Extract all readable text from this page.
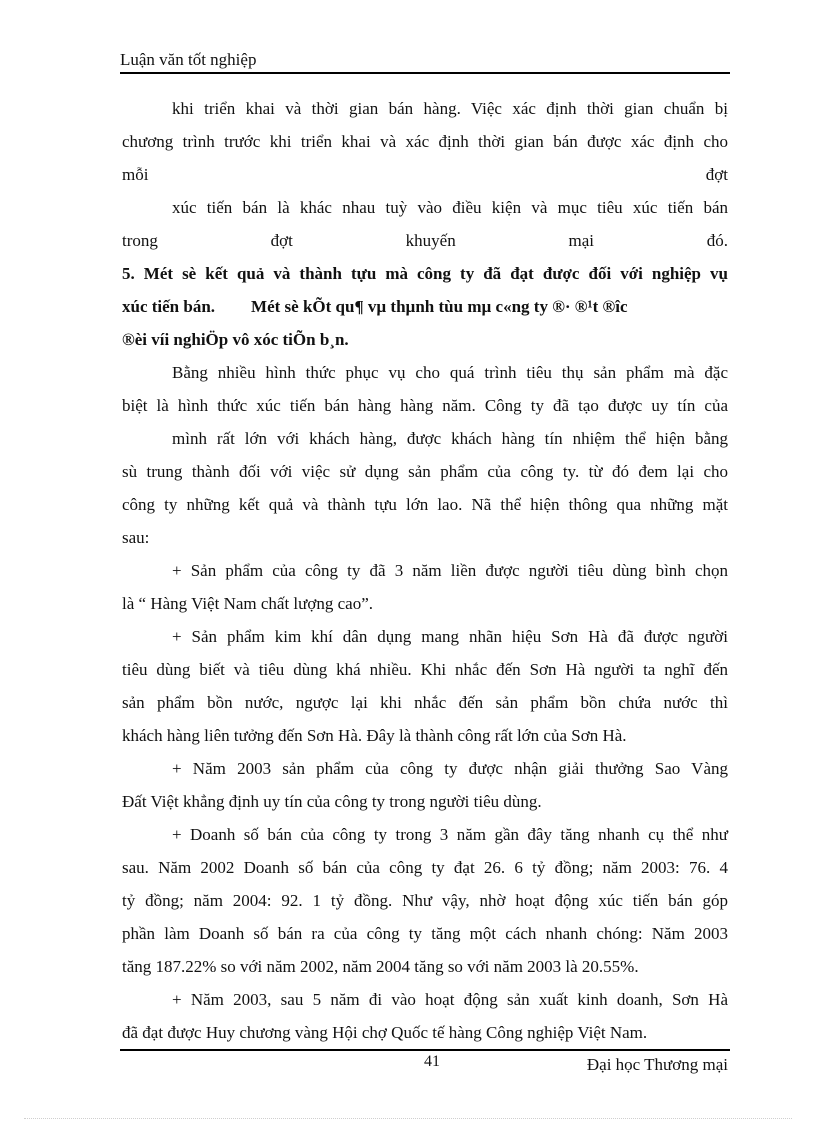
Luận văn tốt nghiệp
khi triển khai và thời gian bán hàng. Việc xác định thời gian chuẩn bị
chương trình trước khi triển khai và xác định thời gian bán được xác định cho
mỗi đợt
xúc tiến bán là khác nhau tuỳ vào điều kiện và mục tiêu xúc tiến bán
trong đợt khuyến mại đó.
5. Mét sè kết quả và thành tựu mà công ty đã đạt được đối với nghiệp vụ
xúc tiến bán. Mét sè kÕt qu¶ vµ thµnh tùu mµ c«ng ty ®· ®¹t ®îc
®èi víi nghiÖp vô xóc tiÕn b¸n.
Bằng nhiều hình thức phục vụ cho quá trình tiêu thụ sản phẩm mà đặc
biệt là hình thức xúc tiến bán hàng hàng năm. Công ty đã tạo được uy tín của
mình rất lớn với khách hàng, được khách hàng tín nhiệm thể hiện bằng
sù trung thành đối với việc sử dụng sản phẩm của công ty. từ đó đem lại cho
công ty những kết quả và thành tựu lớn lao. Nã thể hiện thông qua những mặt
sau:
+ Sản phẩm của công ty đã 3 năm liền được người tiêu dùng bình chọn
là “ Hàng Việt Nam chất lượng cao”.
+ Sản phẩm kim khí dân dụng mang nhãn hiệu Sơn Hà đã được người
tiêu dùng biết và tiêu dùng khá nhiều. Khi nhắc đến Sơn Hà người ta nghĩ đến
sản phẩm bồn nước, ngược lại khi nhắc đến sản phẩm bồn chứa nước thì
khách hàng liên tưởng đến Sơn Hà. Đây là thành công rất lớn của Sơn Hà.
+ Năm 2003 sản phẩm của công ty được nhận giải thưởng Sao Vàng
Đất Việt khẳng định uy tín của công ty trong người tiêu dùng.
+ Doanh số bán của công ty trong 3 năm gần đây tăng nhanh cụ thể như
sau. Năm 2002 Doanh số bán của công ty đạt 26. 6 tỷ đồng; năm 2003: 76. 4
tỷ đồng; năm 2004: 92. 1 tỷ đồng. Như vậy, nhờ hoạt động xúc tiến bán góp
phần làm Doanh số bán ra của công ty tăng một cách nhanh chóng: Năm 2003
tăng 187.22% so với năm 2002, năm 2004 tăng so với năm 2003 là 20.55%.
+ Năm 2003, sau 5 năm đi vào hoạt động sản xuất kinh doanh, Sơn Hà
đã đạt được Huy chương vàng Hội chợ Quốc tế hàng Công nghiệp Việt Nam.
41	Đại học Thương mại
